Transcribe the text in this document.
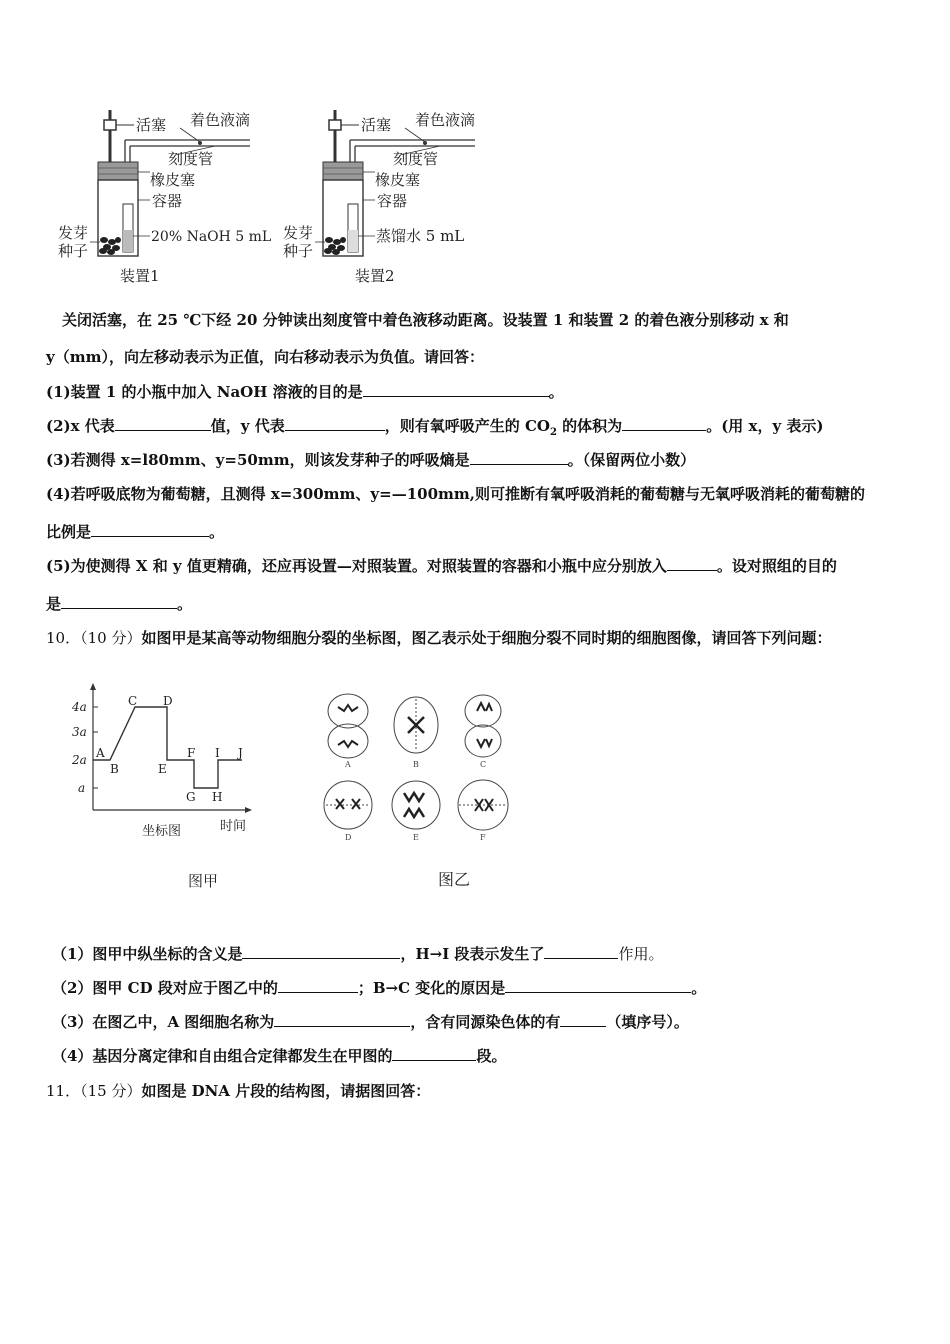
活塞 着色液滴
刻度管
橡皮塞
容器
发芽
种子
20% NaOH 5 mL
装置1
活塞 着色液滴
刻度管
橡皮塞
容器
发芽
种子
蒸馏水 5 mL
装置2
关闭活塞，在 25 ℃下经 20 分钟读出刻度管中着色液移动距离。设装置 1 和装置 2 的着色液分别移动 x 和
y（mm），向左移动表示为正值，向右移动表示为负值。请回答：
(1)装置 1 的小瓶中加入 NaOH 溶液的目的是	。
(2)x 代表	值，y 代表	，则有氧呼吸产生的 $CO_2$ 的体积为	。(用 x，y 表示)
(3)若测得 x=l80mm、y=50mm，则该发芽种子的呼吸熵是	。（保留两位小数）
(4)若呼吸底物为葡萄糖，且测得 x=300mm、y=—100mm,则可推断有氧呼吸消耗的葡萄糖与无氧呼吸消耗的葡萄糖的
比例是	。
(5)为使测得 X 和 y 值更精确，还应再设置—对照装置。对照装置的容器和小瓶中应分别放入	。设对照组的目的
是	。
10．（10 分）如图甲是某高等动物细胞分裂的坐标图，图乙表示处于细胞分裂不同时期的细胞图像，请回答下列问题：
4a
3a
2a
a
A
B
C D
E
F
G H
I J
坐标图	时间
图甲
A	B	C
D	E	F
图乙
（1）图甲中纵坐标的含义是	，H→I 段表示发生了	作用。
（2）图甲 CD 段对应于图乙中的	；B→C 变化的原因是	。
（3）在图乙中，A 图细胞名称为	，含有同源染色体的有	（填序号）。
（4）基因分离定律和自由组合定律都发生在甲图的	段。
11．（15 分）如图是 DNA 片段的结构图，请据图回答：
